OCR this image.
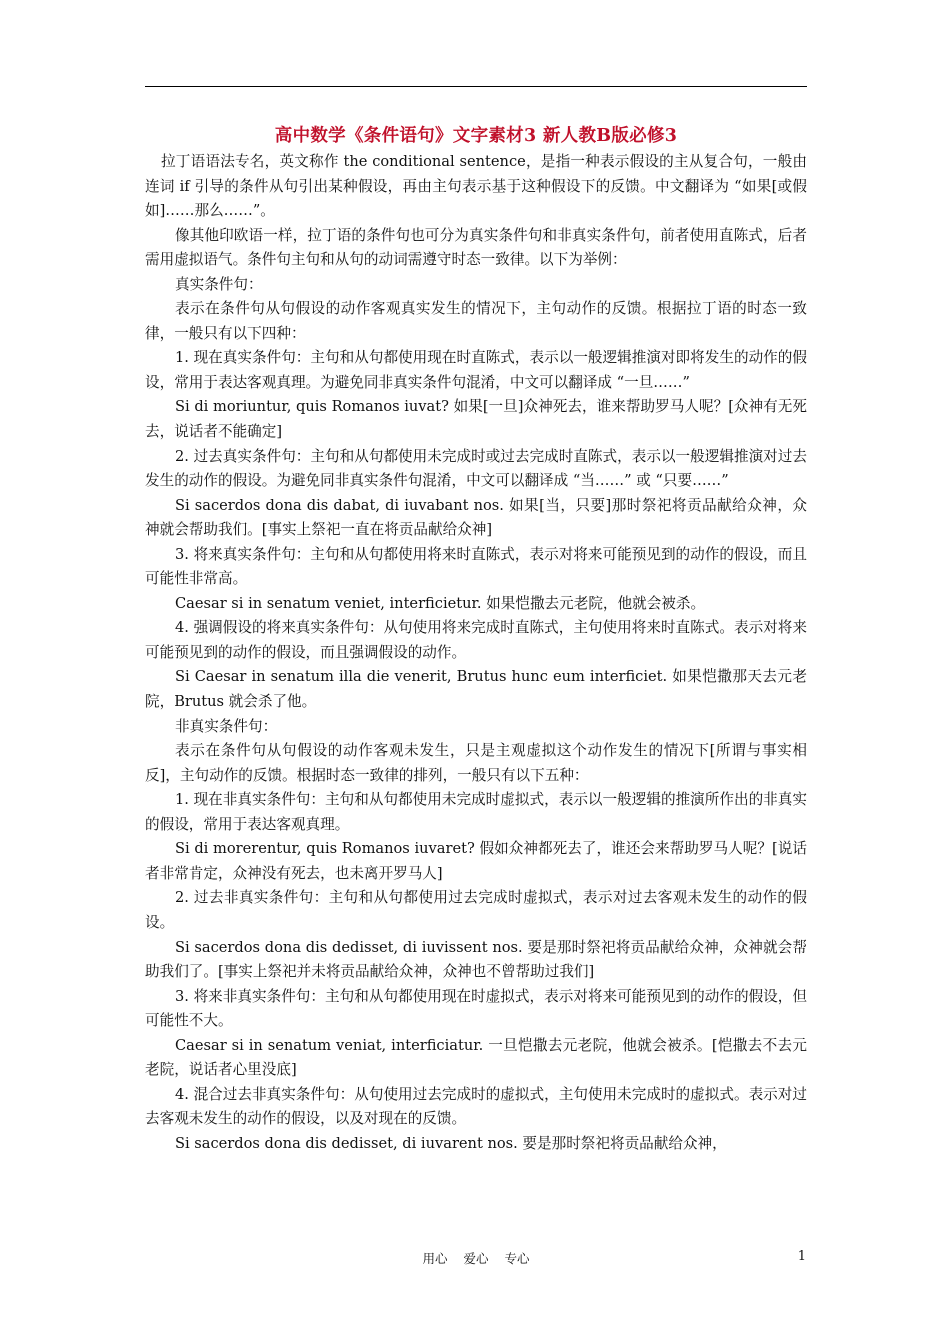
高中数学《条件语句》文字素材3 新人教B版必修3

拉丁语语法专名，英文称作 the conditional sentence，是指一种表示假设的主从复合句，一般由连词 if 引导的条件从句引出某种假设，再由主句表示基于这种假设下的反馈。中文翻译为 “如果[或假如]……那么……”。

像其他印欧语一样，拉丁语的条件句也可分为真实条件句和非真实条件句，前者使用直陈式，后者需用虚拟语气。条件句主句和从句的动词需遵守时态一致律。以下为举例：

真实条件句：

表示在条件句从句假设的动作客观真实发生的情况下，主句动作的反馈。根据拉丁语的时态一致律，一般只有以下四种：

1. 现在真实条件句：主句和从句都使用现在时直陈式，表示以一般逻辑推演对即将发生的动作的假设，常用于表达客观真理。为避免同非真实条件句混淆，中文可以翻译成 “一旦……”

Si di moriuntur, quis Romanos iuvat? 如果[一旦]众神死去，谁来帮助罗马人呢？[众神有无死去，说话者不能确定]

2. 过去真实条件句：主句和从句都使用未完成时或过去完成时直陈式，表示以一般逻辑推演对过去发生的动作的假设。为避免同非真实条件句混淆，中文可以翻译成 “当……” 或 “只要……”

Si sacerdos dona dis dabat, di iuvabant nos. 如果[当，只要]那时祭祀将贡品献给众神，众神就会帮助我们。[事实上祭祀一直在将贡品献给众神]

3. 将来真实条件句：主句和从句都使用将来时直陈式，表示对将来可能预见到的动作的假设，而且可能性非常高。

Caesar si in senatum veniet, interficietur. 如果恺撒去元老院，他就会被杀。

4. 强调假设的将来真实条件句：从句使用将来完成时直陈式，主句使用将来时直陈式。表示对将来可能预见到的动作的假设，而且强调假设的动作。

Si Caesar in senatum illa die venerit, Brutus hunc eum interficiet. 如果恺撒那天去元老院，Brutus 就会杀了他。

非真实条件句：

表示在条件句从句假设的动作客观未发生，只是主观虚拟这个动作发生的情况下[所谓与事实相反]，主句动作的反馈。根据时态一致律的排列，一般只有以下五种：

1. 现在非真实条件句：主句和从句都使用未完成时虚拟式，表示以一般逻辑的推演所作出的非真实的假设，常用于表达客观真理。

Si di morerentur, quis Romanos iuvaret? 假如众神都死去了，谁还会来帮助罗马人呢？[说话者非常肯定，众神没有死去，也未离开罗马人]

2. 过去非真实条件句：主句和从句都使用过去完成时虚拟式，表示对过去客观未发生的动作的假设。

Si sacerdos dona dis dedisset, di iuvissent nos. 要是那时祭祀将贡品献给众神，众神就会帮助我们了。[事实上祭祀并未将贡品献给众神，众神也不曾帮助过我们]

3. 将来非真实条件句：主句和从句都使用现在时虚拟式，表示对将来可能预见到的动作的假设，但可能性不大。

Caesar si in senatum veniat, interficiatur. 一旦恺撒去元老院，他就会被杀。[恺撒去不去元老院，说话者心里没底]

4. 混合过去非真实条件句：从句使用过去完成时的虚拟式，主句使用未完成时的虚拟式。表示对过去客观未发生的动作的假设，以及对现在的反馈。

Si sacerdos dona dis dedisset, di iuvarent nos. 要是那时祭祀将贡品献给众神，

用心 爱心 专心	1
